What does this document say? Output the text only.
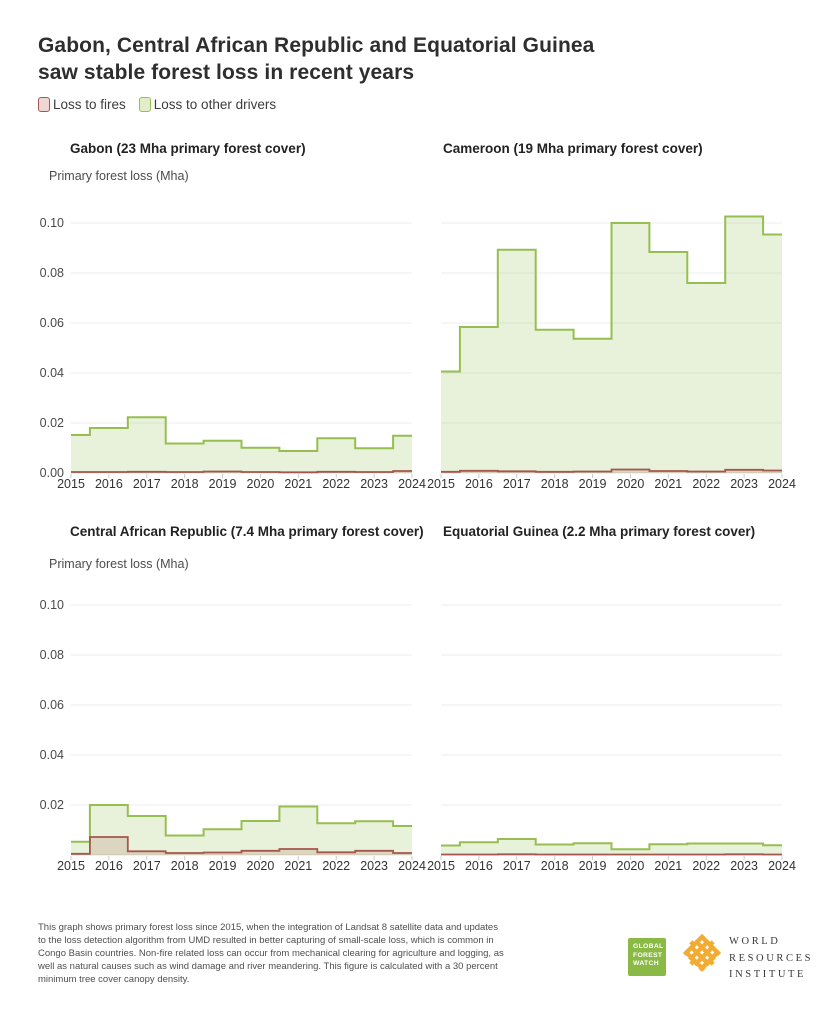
Gabon, Central African Republic and Equatorial Guinea
saw stable forest loss in recent years
Loss to fires Loss to other drivers
Gabon (23 Mha primary forest cover)	Cameroon (19 Mha primary forest cover)
Central African Republic (7.4 Mha primary forest cover) Equatorial Guinea (2.2 Mha primary forest cover)
Primary forest loss (Mha)
Primary forest loss (Mha)
0.00
0.02
0.04
0.06
0.08
0.10
2015 2016 2017 2018 2019 2020 2021 2022 2023 2024 2015 2016 2017 2018 2019 2020 2021 2022 2023 2024
0.02
0.04
0.06
0.08
0.10
2015 2016 2017 2018 2019 2020 2021 2022 2023 2024 2015 2016 2017 2018 2019 2020 2021 2022 2023 2024
This graph shows primary forest loss since 2015, when the integration of Landsat 8 satellite data and updates to the loss detection algorithm from UMD resulted in better capturing of small-scale loss, which is common in Congo Basin countries. Non-fire related loss can occur from mechanical clearing for agriculture and logging, as well as natural causes such as wind damage and river meandering. This figure is calculated with a 30 percent minimum tree cover canopy density.
GLOBAL
FOREST
WATCH
WORLD
RESOURCES
INSTITUTE
